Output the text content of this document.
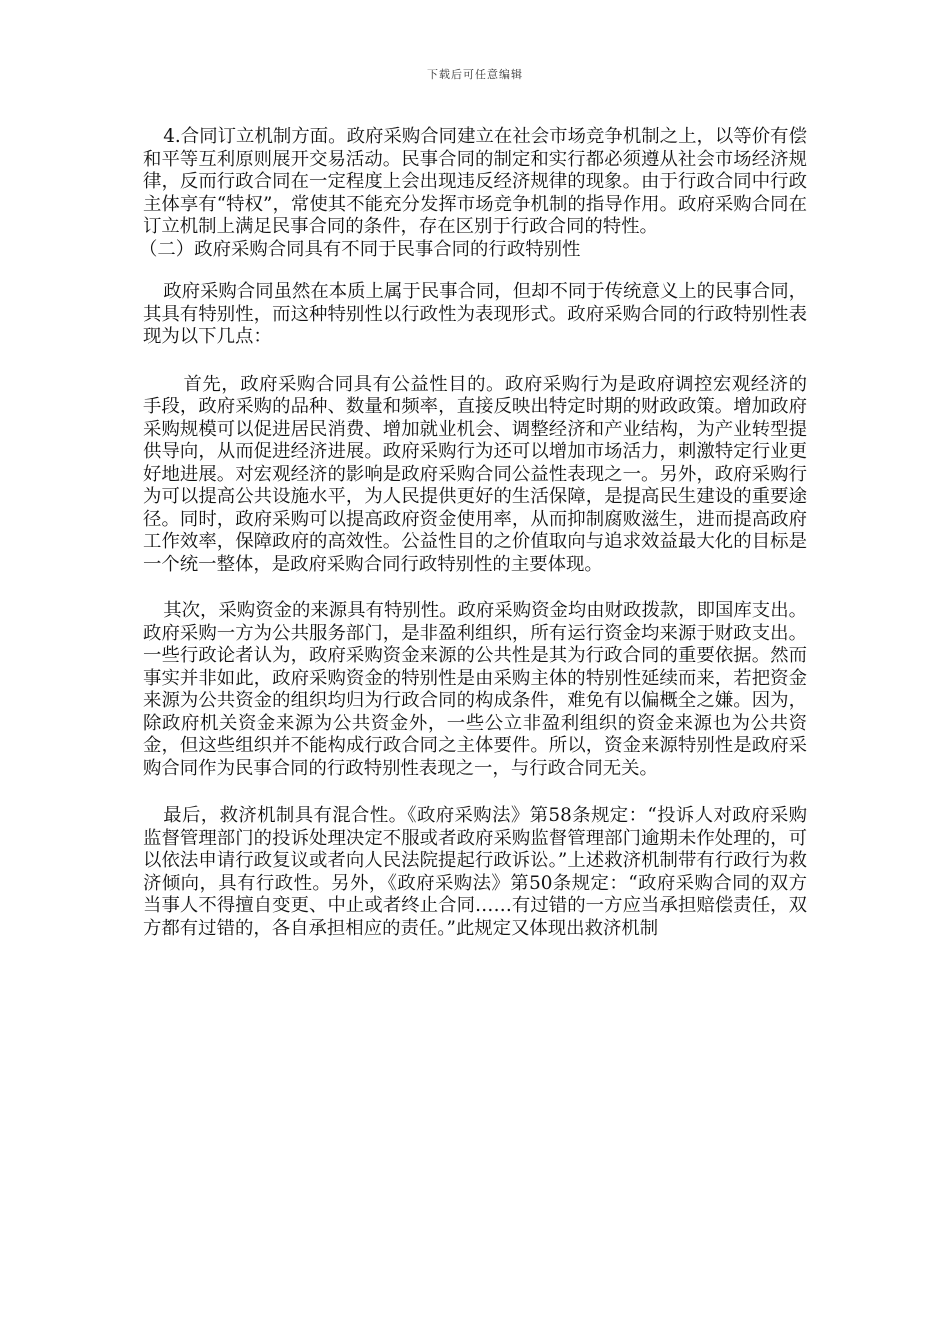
下载后可任意编辑

4.合同订立机制方面。政府采购合同建立在社会市场竞争机制之上，以等价有偿和平等互利原则展开交易活动。民事合同的制定和实行都必须遵从社会市场经济规律，反而行政合同在一定程度上会出现违反经济规律的现象。由于行政合同中行政主体享有“特权”，常使其不能充分发挥市场竞争机制的指导作用。政府采购合同在订立机制上满足民事合同的条件，存在区别于行政合同的特性。

（二）政府采购合同具有不同于民事合同的行政特别性

政府采购合同虽然在本质上属于民事合同，但却不同于传统意义上的民事合同，其具有特别性，而这种特别性以行政性为表现形式。政府采购合同的行政特别性表现为以下几点：

首先，政府采购合同具有公益性目的。政府采购行为是政府调控宏观经济的手段，政府采购的品种、数量和频率，直接反映出特定时期的财政政策。增加政府采购规模可以促进居民消费、增加就业机会、调整经济和产业结构，为产业转型提供导向，从而促进经济进展。政府采购行为还可以增加市场活力，刺激特定行业更好地进展。对宏观经济的影响是政府采购合同公益性表现之一。另外，政府采购行为可以提高公共设施水平，为人民提供更好的生活保障，是提高民生建设的重要途径。同时，政府采购可以提高政府资金使用率，从而抑制腐败滋生，进而提高政府工作效率，保障政府的高效性。公益性目的之价值取向与追求效益最大化的目标是一个统一整体，是政府采购合同行政特别性的主要体现。

其次，采购资金的来源具有特别性。政府采购资金均由财政拨款，即国库支出。政府采购一方为公共服务部门，是非盈利组织，所有运行资金均来源于财政支出。一些行政论者认为，政府采购资金来源的公共性是其为行政合同的重要依据。然而事实并非如此，政府采购资金的特别性是由采购主体的特别性延续而来，若把资金来源为公共资金的组织均归为行政合同的构成条件，难免有以偏概全之嫌。因为，除政府机关资金来源为公共资金外，一些公立非盈利组织的资金来源也为公共资金，但这些组织并不能构成行政合同之主体要件。所以，资金来源特别性是政府采购合同作为民事合同的行政特别性表现之一，与行政合同无关。

最后，救济机制具有混合性。《政府采购法》第58条规定：“投诉人对政府采购监督管理部门的投诉处理决定不服或者政府采购监督管理部门逾期未作处理的，可以依法申请行政复议或者向人民法院提起行政诉讼。”上述救济机制带有行政行为救济倾向，具有行政性。另外，《政府采购法》第50条规定：“政府采购合同的双方当事人不得擅自变更、中止或者终止合同……有过错的一方应当承担赔偿责任，双方都有过错的，各自承担相应的责任。”此规定又体现出救济机制
